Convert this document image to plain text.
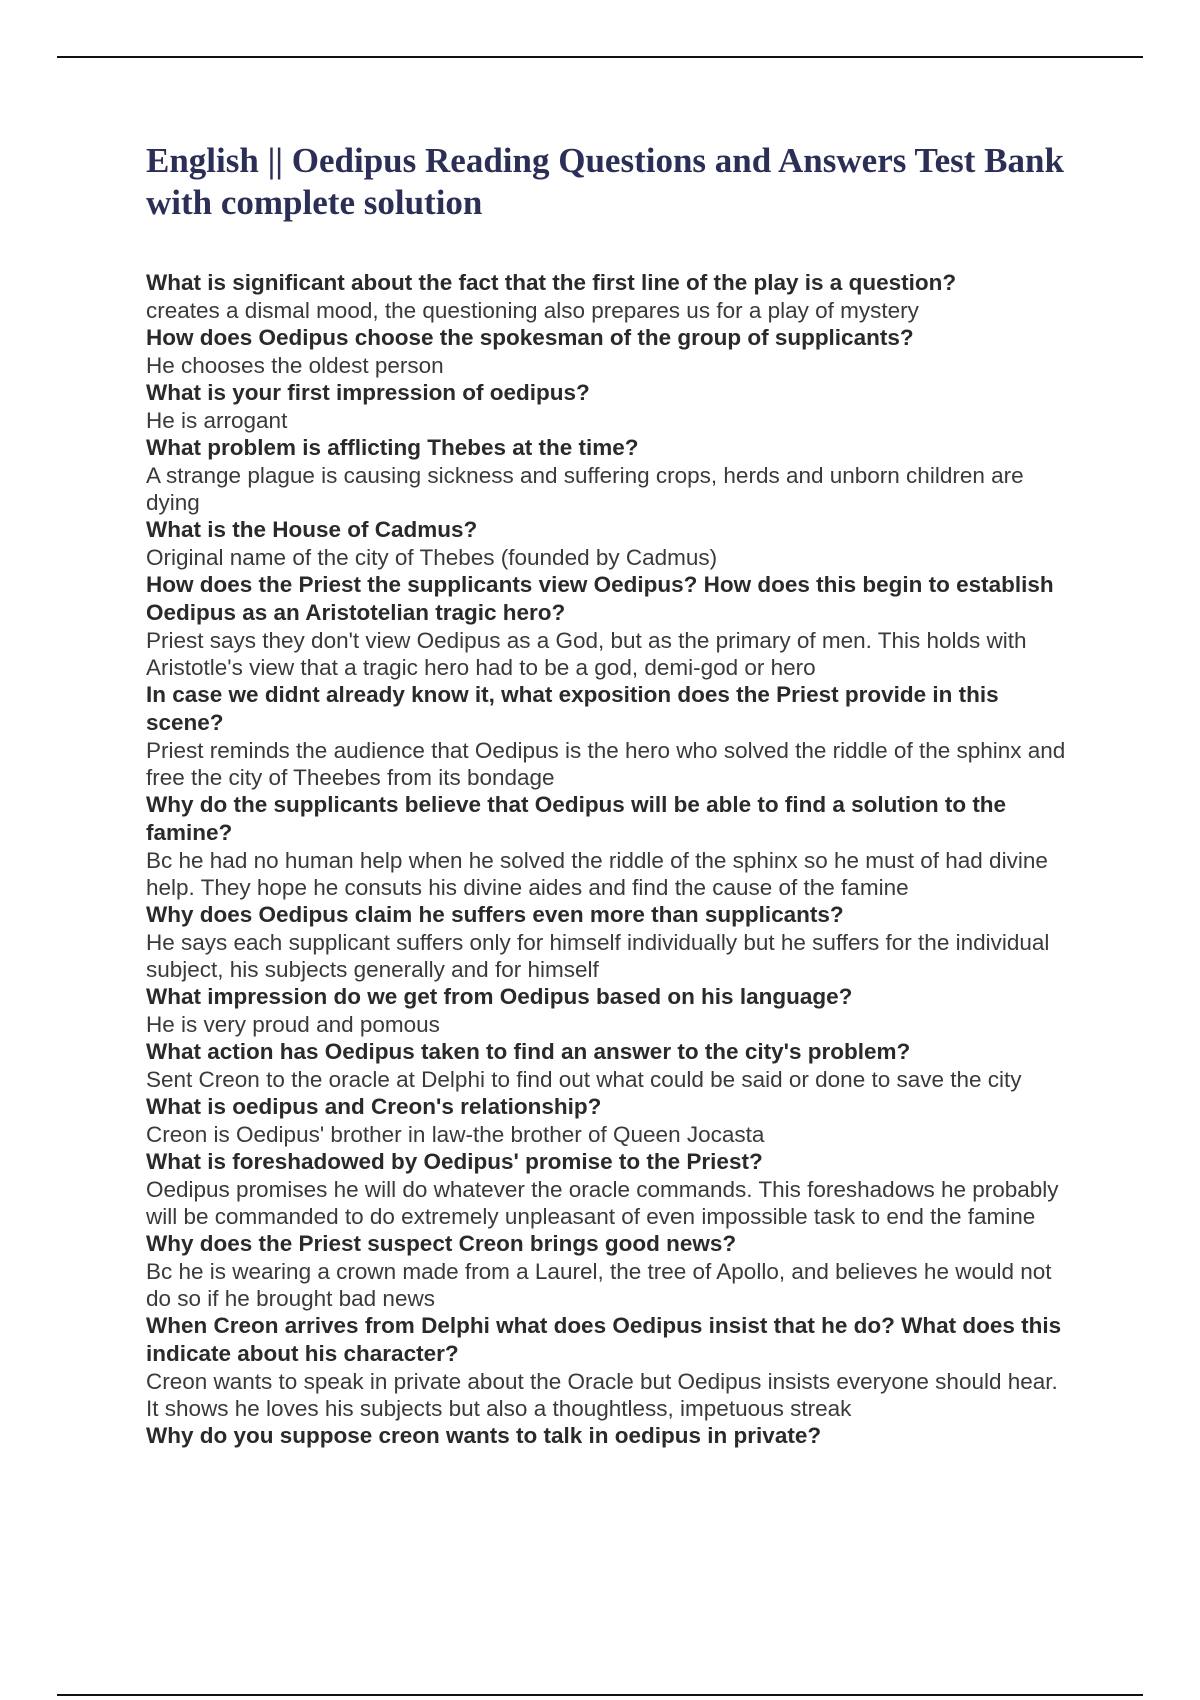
English || Oedipus Reading Questions and Answers Test Bank with complete solution

What is significant about the fact that the first line of the play is a question?

creates a dismal mood, the questioning also prepares us for a play of mystery

How does Oedipus choose the spokesman of the group of supplicants?

He chooses the oldest person

What is your first impression of oedipus?

He is arrogant

What problem is afflicting Thebes at the time?

A strange plague is causing sickness and suffering crops, herds and unborn children are dying

What is the House of Cadmus?

Original name of the city of Thebes (founded by Cadmus)

How does the Priest the supplicants view Oedipus? How does this begin to establish Oedipus as an Aristotelian tragic hero?

Priest says they don't view Oedipus as a God, but as the primary of men. This holds with Aristotle's view that a tragic hero had to be a god, demi-god or hero

In case we didnt already know it, what exposition does the Priest provide in this scene?

Priest reminds the audience that Oedipus is the hero who solved the riddle of the sphinx and free the city of Theebes from its bondage

Why do the supplicants believe that Oedipus will be able to find a solution to the famine?

Bc he had no human help when he solved the riddle of the sphinx so he must of had divine help. They hope he consuts his divine aides and find the cause of the famine

Why does Oedipus claim he suffers even more than supplicants?

He says each supplicant suffers only for himself individually but he suffers for the individual subject, his subjects generally and for himself

What impression do we get from Oedipus based on his language?

He is very proud and pomous

What action has Oedipus taken to find an answer to the city's problem?

Sent Creon to the oracle at Delphi to find out what could be said or done to save the city

What is oedipus and Creon's relationship?

Creon is Oedipus' brother in law-the brother of Queen Jocasta

What is foreshadowed by Oedipus' promise to the Priest?

Oedipus promises he will do whatever the oracle commands. This foreshadows he probably will be commanded to do extremely unpleasant of even impossible task to end the famine

Why does the Priest suspect Creon brings good news?

Bc he is wearing a crown made from a Laurel, the tree of Apollo, and believes he would not do so if he brought bad news

When Creon arrives from Delphi what does Oedipus insist that he do? What does this indicate about his character?

Creon wants to speak in private about the Oracle but Oedipus insists everyone should hear. It shows he loves his subjects but also a thoughtless, impetuous streak

Why do you suppose creon wants to talk in oedipus in private?
